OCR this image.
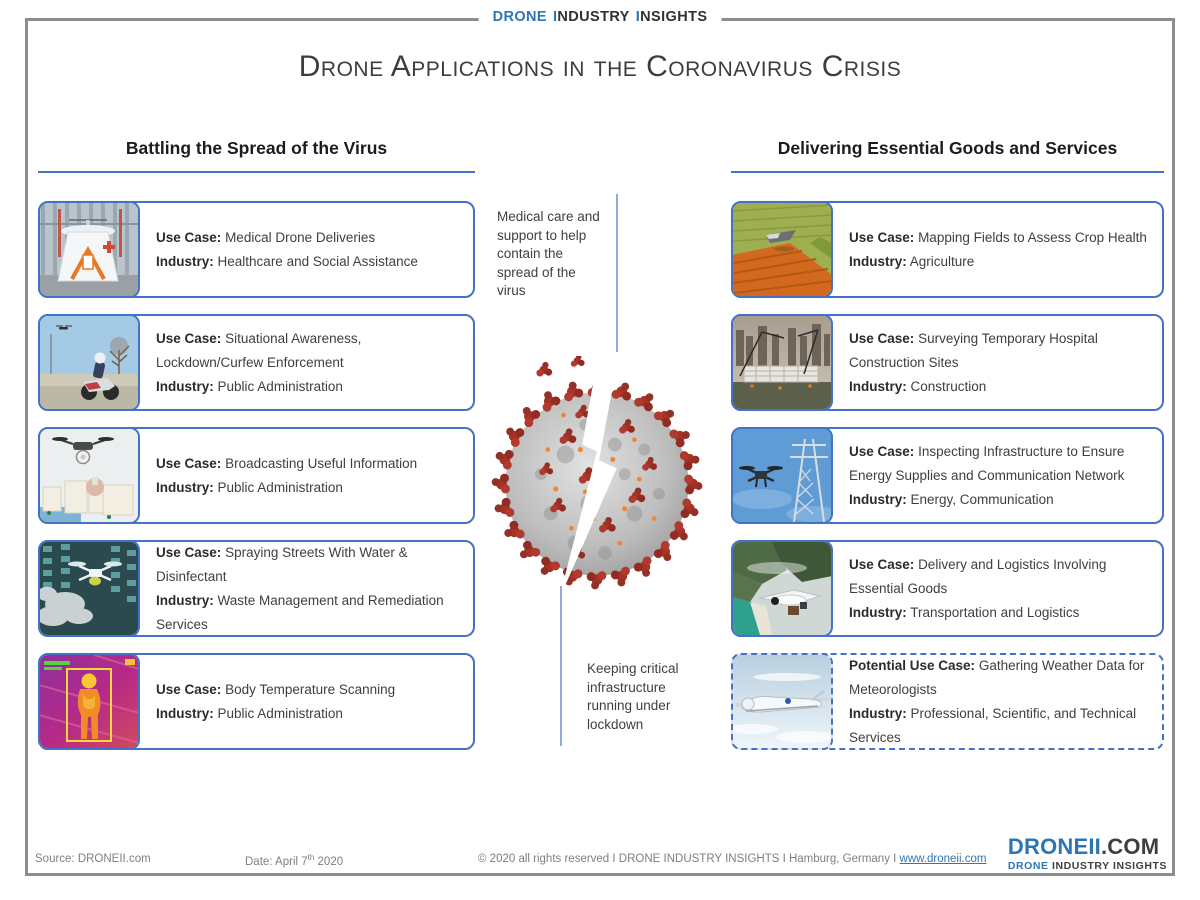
DRONE INDUSTRY INSIGHTS
Drone Applications in the Coronavirus Crisis
Battling the Spread of the Virus

Use Case: Medical Drone Deliveries

Industry: Healthcare and Social Assistance

Use Case: Situational Awareness, Lockdown/Curfew Enforcement

Industry: Public Administration

Use Case: Broadcasting Useful Information

Industry: Public Administration

Use Case: Spraying Streets With Water & Disinfectant

Industry: Waste Management and Remediation Services

Use Case: Body Temperature Scanning

Industry: Public Administration

Medical care and support to help contain the spread of the virus
Keeping critical infrastructure running under lockdown
Delivering Essential Goods and Services

Use Case: Mapping Fields to Assess Crop Health

Industry: Agriculture

Use Case: Surveying Temporary Hospital Construction Sites

Industry: Construction

Use Case: Inspecting Infrastructure to Ensure Energy Supplies and Communication Network

Industry: Energy, Communication

Use Case: Delivery and Logistics Involving Essential Goods

Industry: Transportation and Logistics

Potential Use Case: Gathering Weather Data for Meteorologists

Industry: Professional, Scientific, and Technical Services

Source: DRONEII.com	Date: April 7th 2020	© 2020 all rights reserved I DRONE INDUSTRY INSIGHTS I Hamburg, Germany I www.droneii.com DRONEII.COM
DRONE INDUSTRY INSIGHTS
